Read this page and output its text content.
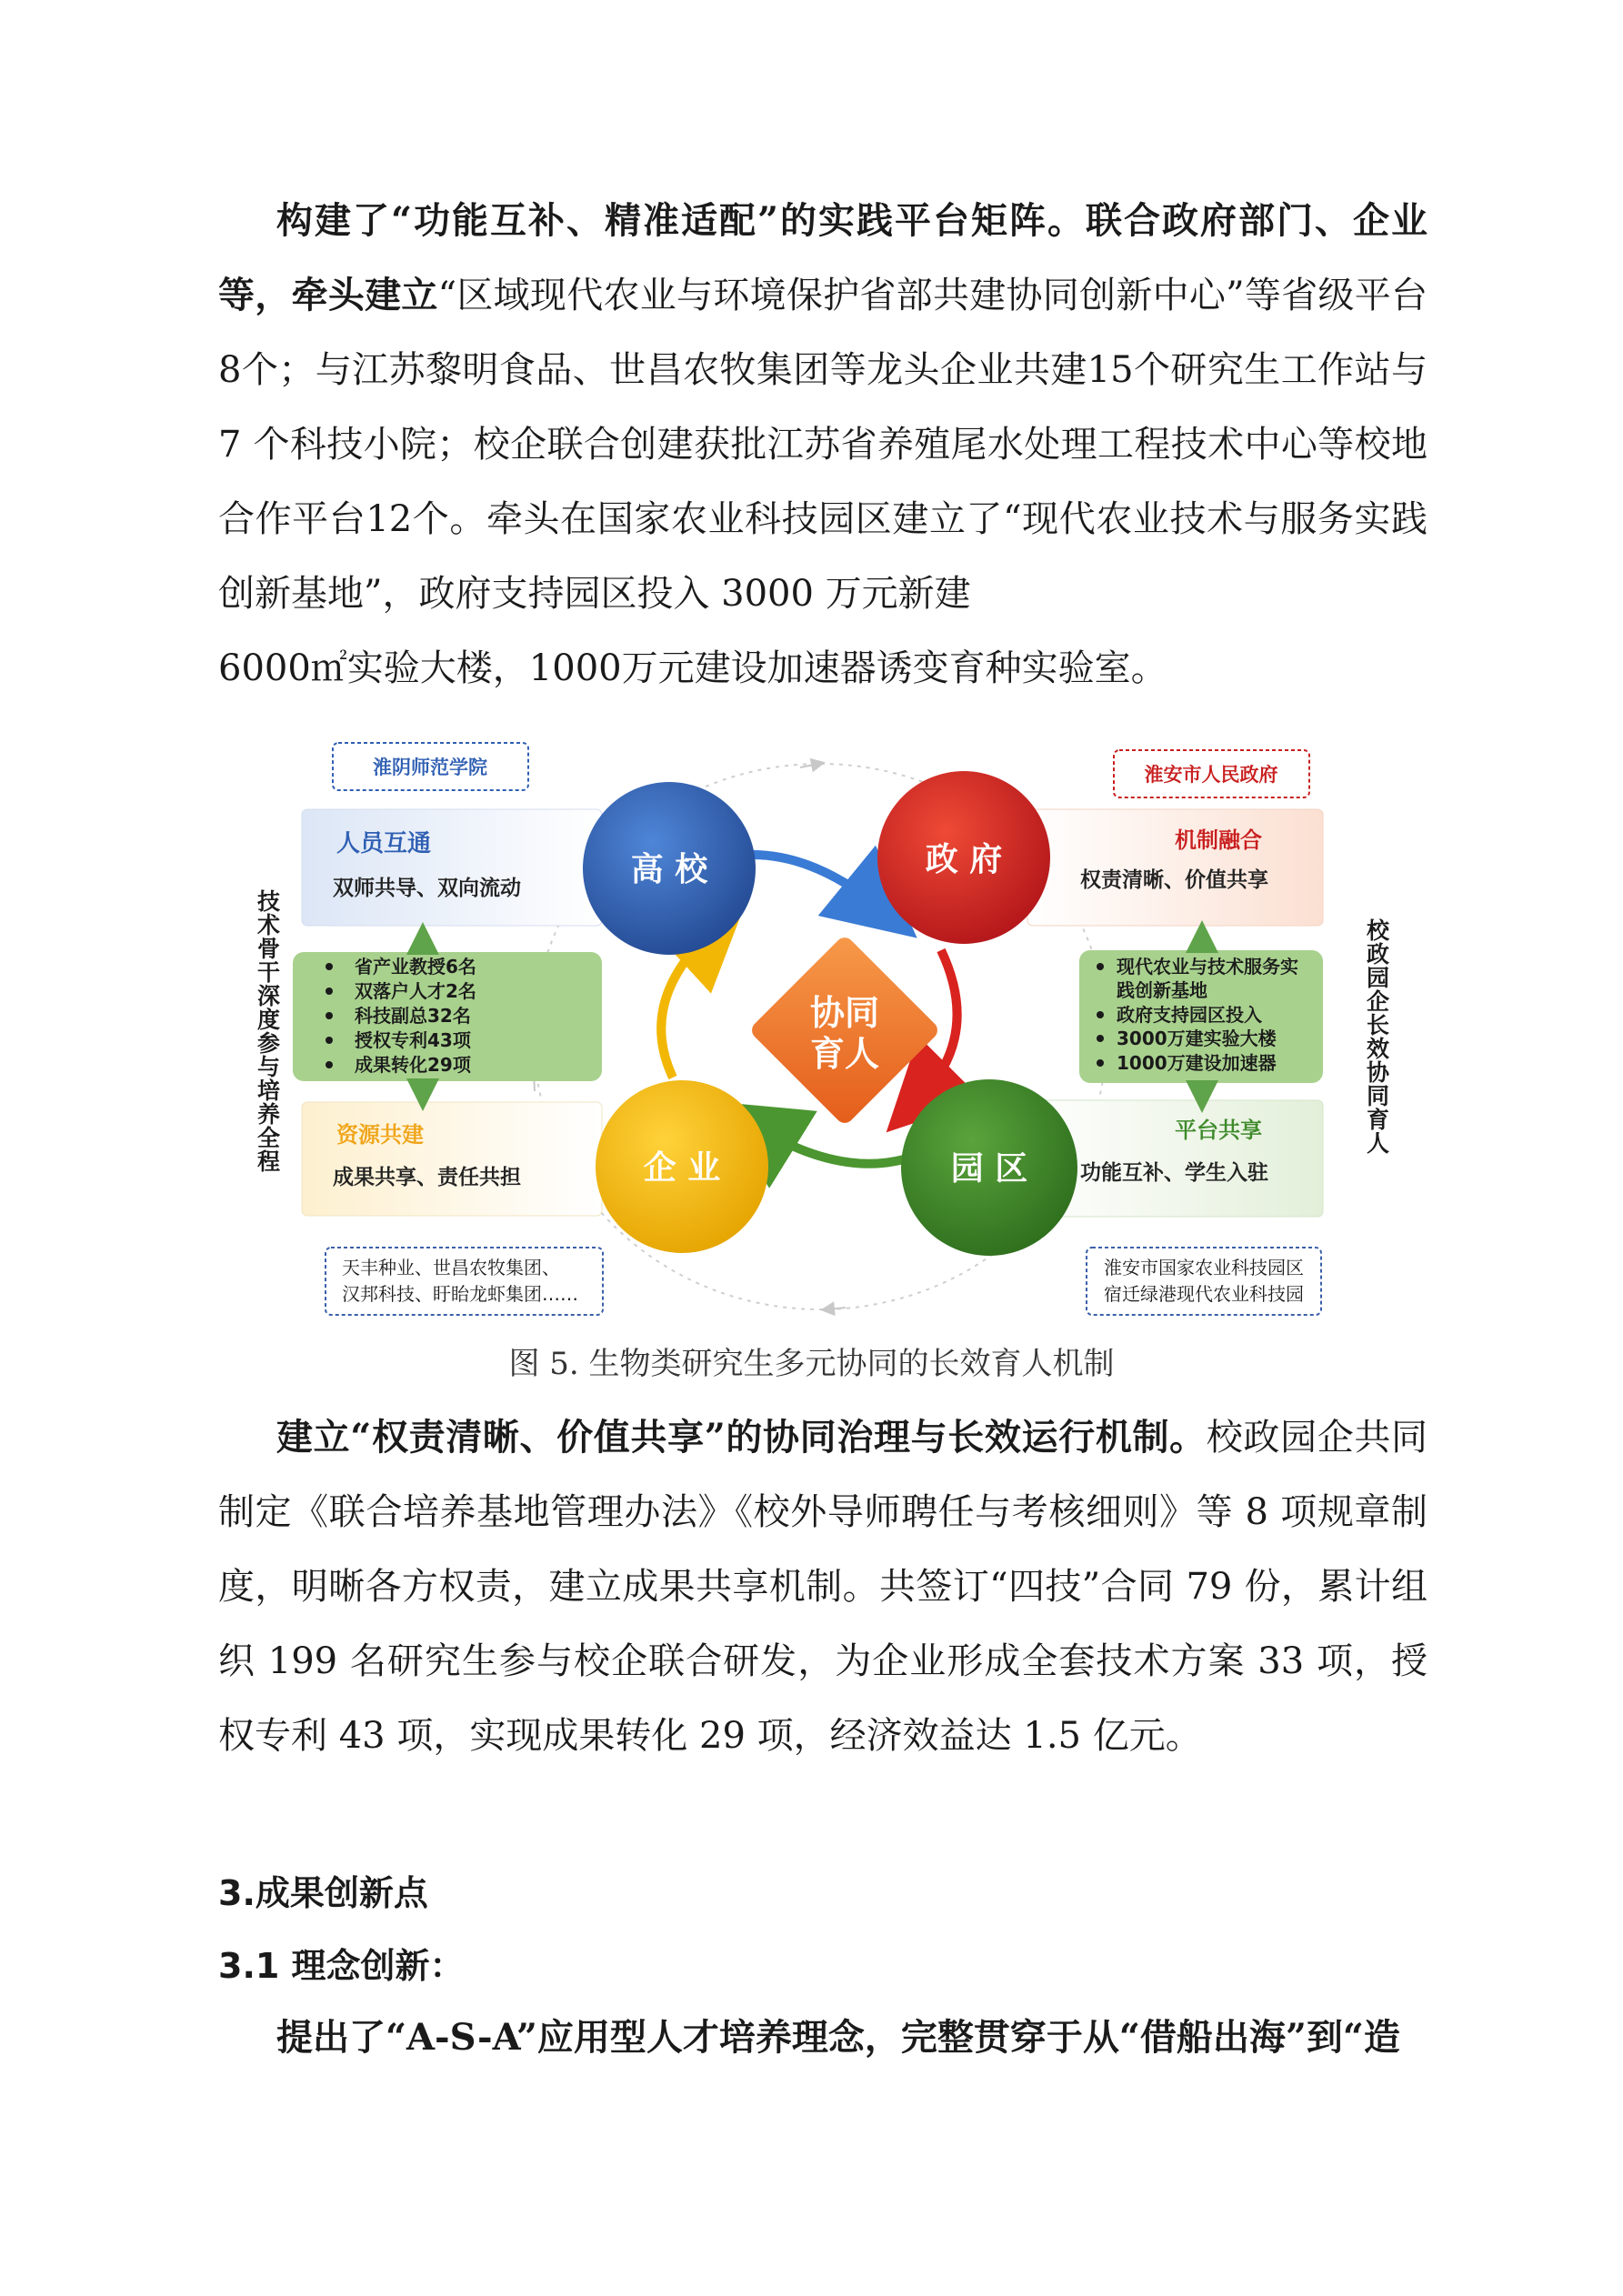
构建了“功能互补、精准适配”的实践平台矩阵。联合政府部门、企业等，牵头建立“区域现代农业与环境保护省部共建协同创新中心”等省级平台8个；与江苏黎明食品、世昌农牧集团等龙头企业共建15个研究生工作站与 7 个科技小院；校企联合创建获批江苏省养殖尾水处理工程技术中心等校地合作平台12个。牵头在国家农业科技园区建立了“现代农业技术与服务实践创新基地”，政府支持园区投入 3000 万元新建
6000㎡实验大楼，1000万元建设加速器诱变育种实验室。

淮阴师范学院	淮安市人民政府
人员互通
双师共导、双向流动
机制融合
权责清晰、价值共享
资源共建
成果共享、责任共担
平台共享
功能互补、学生入驻
省产业教授6名
双落户人才2名
科技副总32名
授权专利43项
成果转化29项
现代农业与技术服务实
践创新基地
政府支持园区投入
3000万建实验大楼
1000万建设加速器
技术骨干深度参与培养全程	校政园企长效协同育人
高 校	政 府
企 业	园 区
协同
育人
天丰种业、世昌农牧集团、
汉邦科技、盱眙龙虾集团……
淮安市国家农业科技园区
宿迁绿港现代农业科技园

图 5. 生物类研究生多元协同的长效育人机制

建立“权责清晰、价值共享”的协同治理与长效运行机制。校政园企共同制定《联合培养基地管理办法》《校外导师聘任与考核细则》等 8 项规章制度，明晰各方权责，建立成果共享机制。共签订“四技”合同 79 份，累计组织 199 名研究生参与校企联合研发，为企业形成全套技术方案 33 项，授权专利 43 项，实现成果转化 29 项，经济效益达 1.5 亿元。

3.成果创新点
3.1 理念创新：

提出了“A-S-A”应用型人才培养理念，完整贯穿于从“借船出海”到“造
